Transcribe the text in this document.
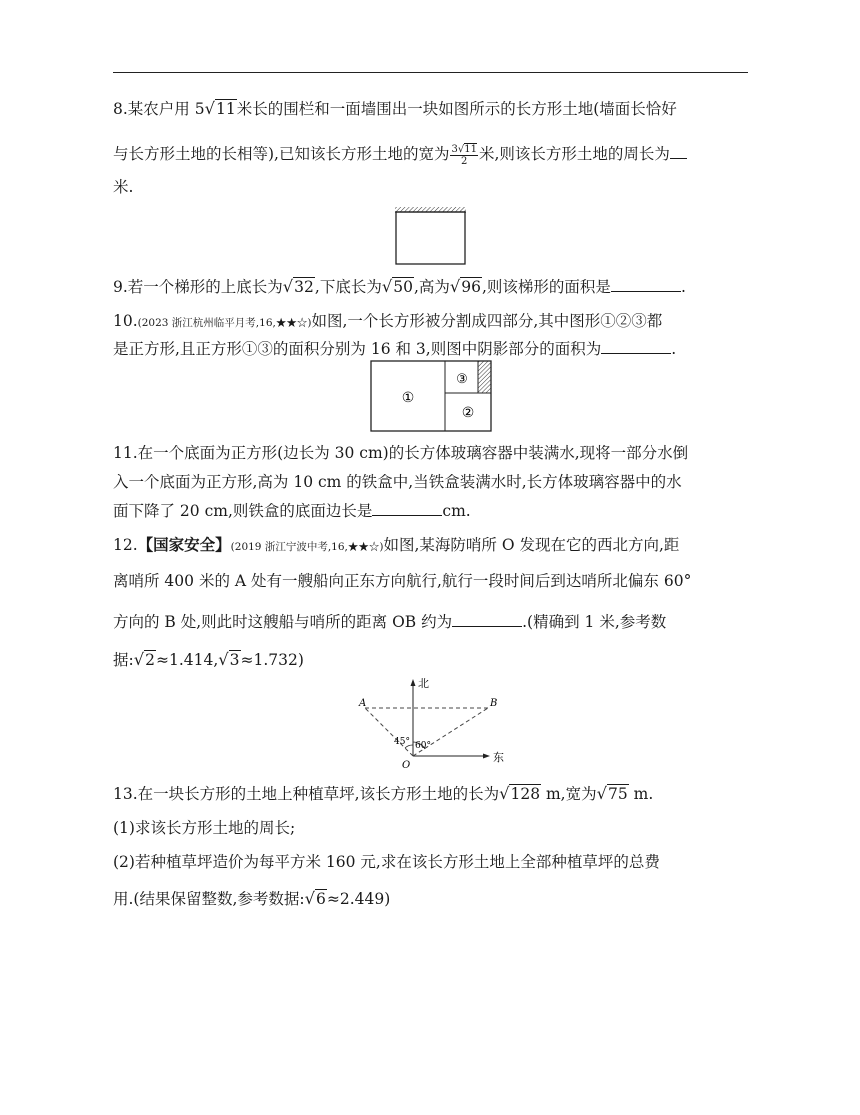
8.某农户用 5√11米长的围栏和一面墙围出一块如图所示的长方形土地(墙面长恰好
与长方形土地的长相等),已知该长方形土地的宽为 $\frac{3√11}{2}$ 米,则该长方形土地的周长为
米.
9.若一个梯形的上底长为√32,下底长为√50,高为√96,则该梯形的面积是	.
10.(2023 浙江杭州临平月考,16,★★☆)如图,一个长方形被分割成四部分,其中图形①②③都
是正方形,且正方形①③的面积分别为 16 和 3,则图中阴影部分的面积为	.
①
③
②
11.在一个底面为正方形(边长为 30 cm)的长方体玻璃容器中装满水,现将一部分水倒
入一个底面为正方形,高为 10 cm 的铁盒中,当铁盒装满水时,长方体玻璃容器中的水
面下降了 20 cm,则铁盒的底面边长是	cm.
12.【国家安全】(2019 浙江宁波中考,16,★★☆)如图,某海防哨所 O 发现在它的西北方向,距
离哨所 400 米的 A 处有一艘船向正东方向航行,航行一段时间后到达哨所北偏东 60°
方向的 B 处,则此时这艘船与哨所的距离 OB 约为	.(精确到 1 米,参考数
据:√2≈1.414,√3≈1.732)
北
东
A	B
O
45° 60°
13.在一块长方形的土地上种植草坪,该长方形土地的长为√128 m,宽为√75 m.
(1)求该长方形土地的周长;
(2)若种植草坪造价为每平方米 160 元,求在该长方形土地上全部种植草坪的总费
用.(结果保留整数,参考数据:√6≈2.449)
